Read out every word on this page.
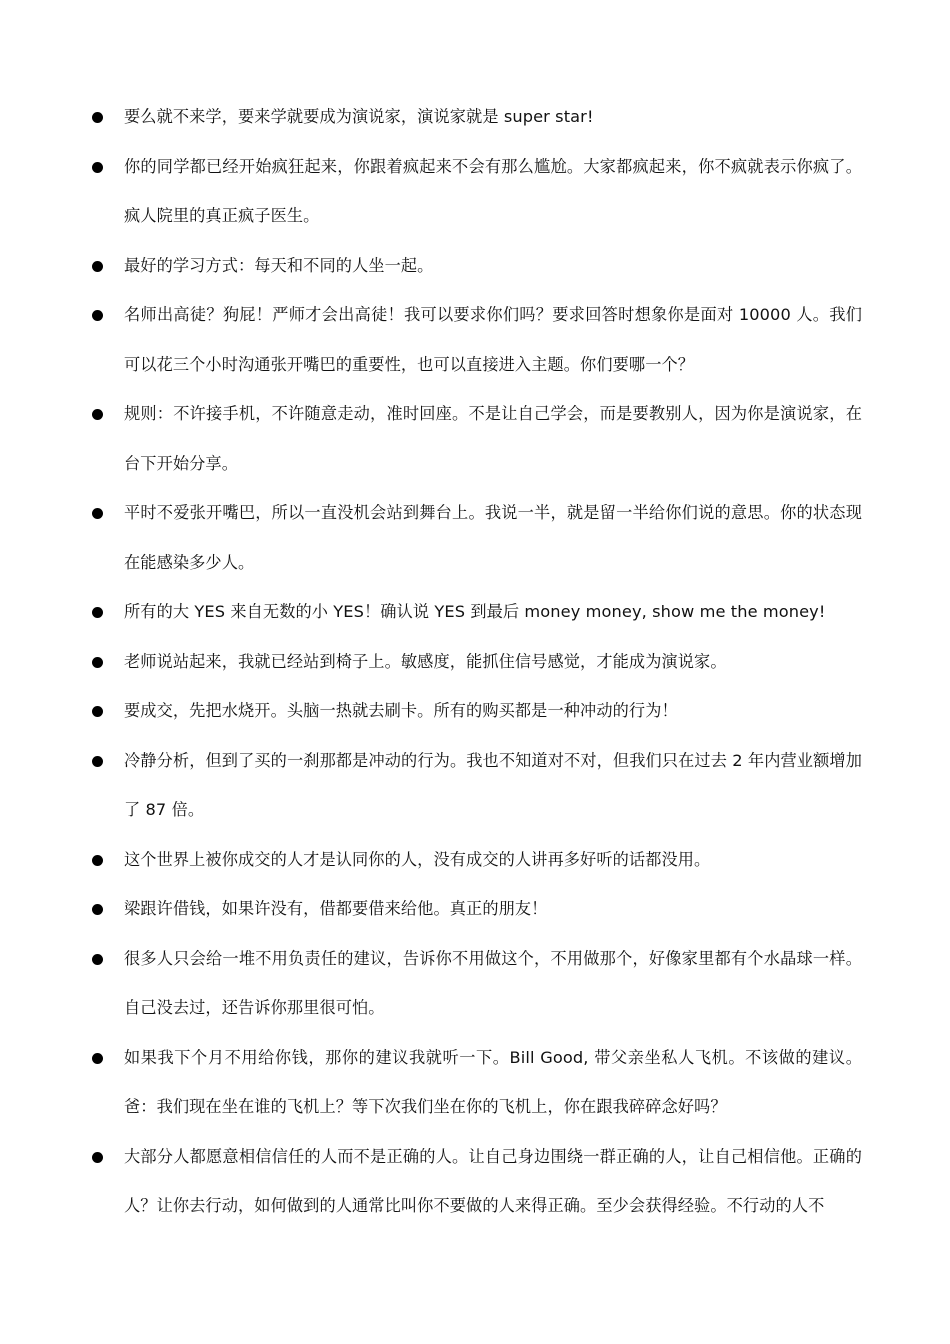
要么就不来学，要来学就要成为演说家，演说家就是 super star!
你的同学都已经开始疯狂起来，你跟着疯起来不会有那么尴尬。大家都疯起来，你不疯就表示你疯了。疯人院里的真正疯子医生。
最好的学习方式：每天和不同的人坐一起。
名师出高徒？狗屁！严师才会出高徒！我可以要求你们吗？要求回答时想象你是面对 10000 人。我们可以花三个小时沟通张开嘴巴的重要性，也可以直接进入主题。你们要哪一个？
规则：不许接手机，不许随意走动，准时回座。不是让自己学会，而是要教别人，因为你是演说家，在台下开始分享。
平时不爱张开嘴巴，所以一直没机会站到舞台上。我说一半，就是留一半给你们说的意思。你的状态现在能感染多少人。
所有的大 YES 来自无数的小 YES！确认说 YES 到最后 money money, show me the money!
老师说站起来，我就已经站到椅子上。敏感度，能抓住信号感觉，才能成为演说家。
要成交，先把水烧开。头脑一热就去刷卡。所有的购买都是一种冲动的行为！
冷静分析，但到了买的一刹那都是冲动的行为。我也不知道对不对，但我们只在过去 2 年内营业额增加了 87 倍。
这个世界上被你成交的人才是认同你的人，没有成交的人讲再多好听的话都没用。
梁跟许借钱，如果许没有，借都要借来给他。真正的朋友！
很多人只会给一堆不用负责任的建议，告诉你不用做这个，不用做那个，好像家里都有个水晶球一样。自己没去过，还告诉你那里很可怕。
如果我下个月不用给你钱，那你的建议我就听一下。Bill Good, 带父亲坐私人飞机。不该做的建议。爸：我们现在坐在谁的飞机上？等下次我们坐在你的飞机上，你在跟我碎碎念好吗？
大部分人都愿意相信信任的人而不是正确的人。让自己身边围绕一群正确的人，让自己相信他。正确的人？让你去行动，如何做到的人通常比叫你不要做的人来得正确。至少会获得经验。不行动的人不
